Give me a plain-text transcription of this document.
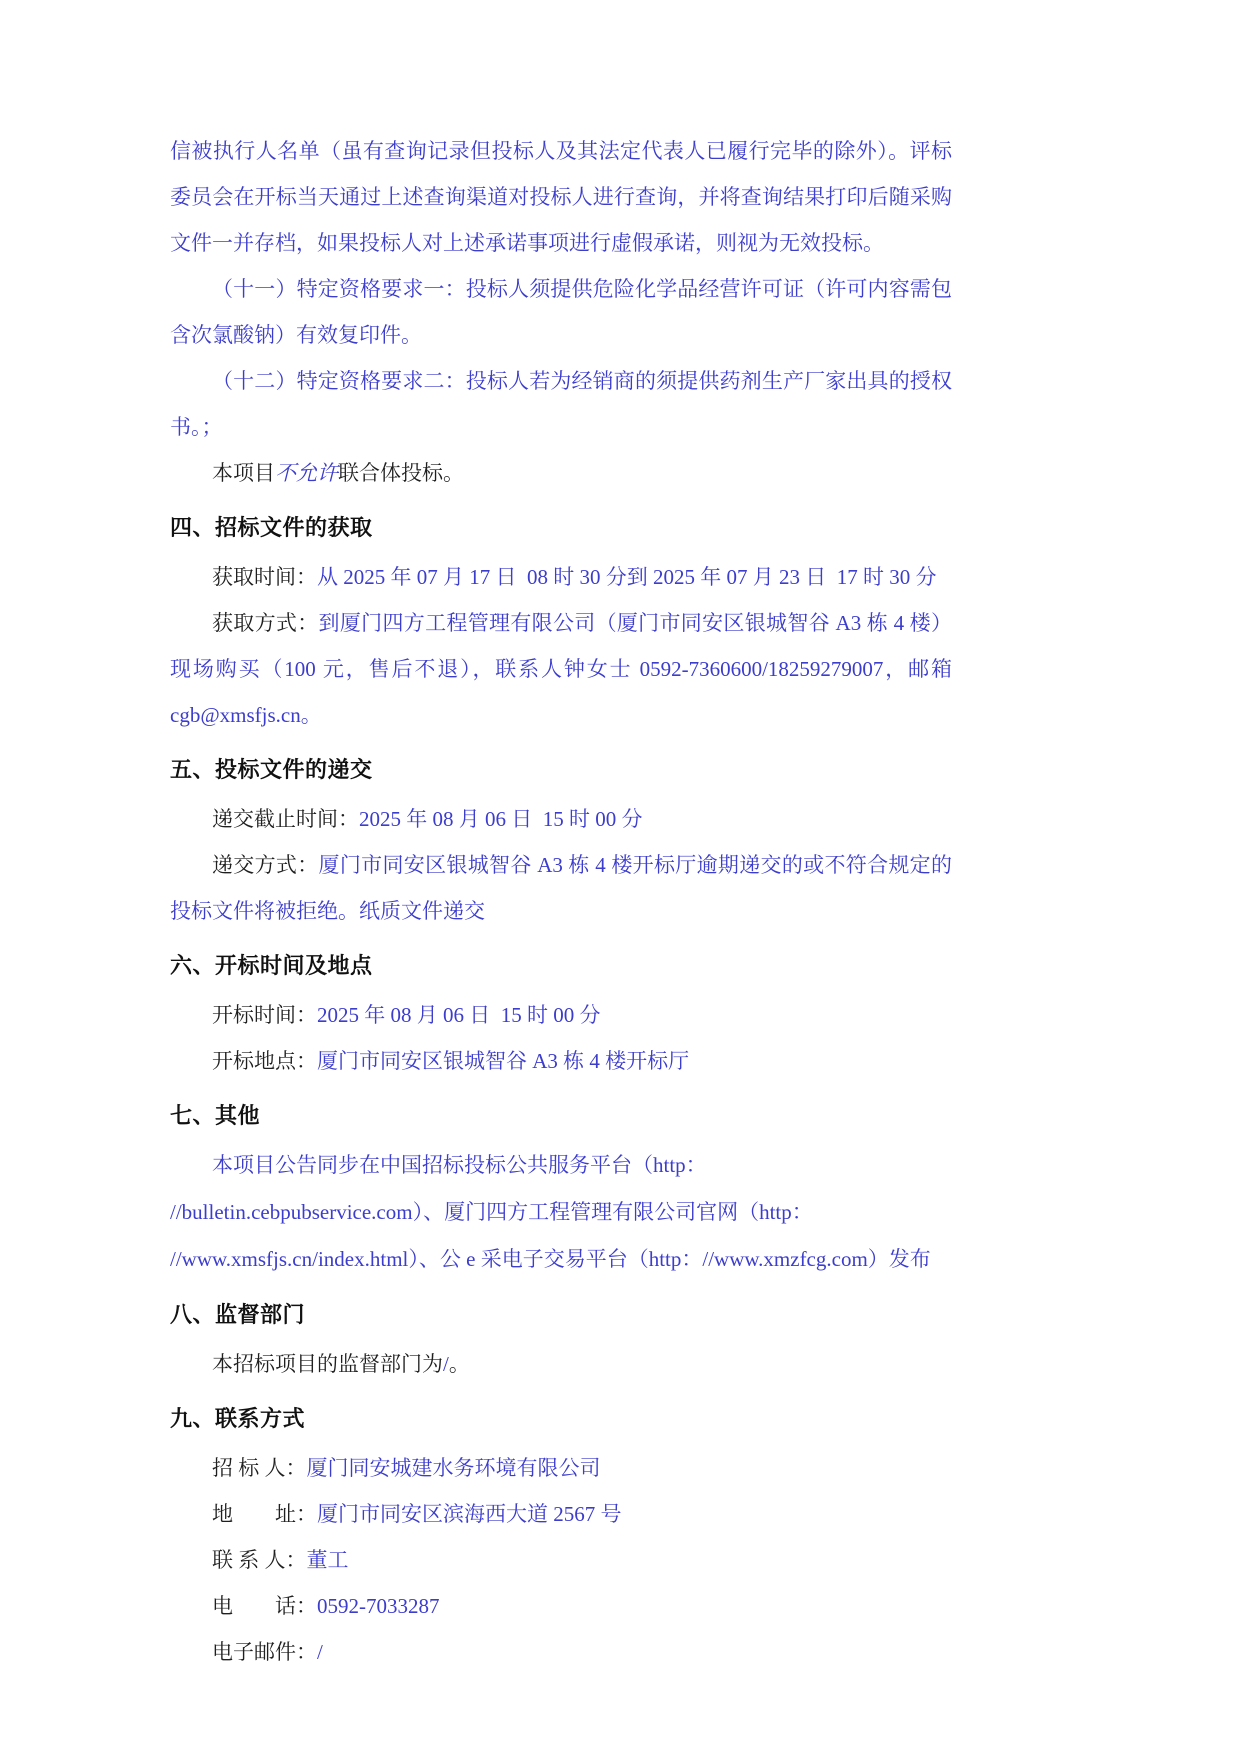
信被执行人名单（虽有查询记录但投标人及其法定代表人已履行完毕的除外）。评标委员会在开标当天通过上述查询渠道对投标人进行查询，并将查询结果打印后随采购文件一并存档，如果投标人对上述承诺事项进行虚假承诺，则视为无效投标。

（十一）特定资格要求一：投标人须提供危险化学品经营许可证（许可内容需包含次氯酸钠）有效复印件。

（十二）特定资格要求二：投标人若为经销商的须提供药剂生产厂家出具的授权书。；

本项目不允许联合体投标。

四、招标文件的获取

获取时间：从 2025 年 07 月 17 日  08 时 30 分到 2025 年 07 月 23 日  17 时 30 分

获取方式：到厦门四方工程管理有限公司（厦门市同安区银城智谷 A3 栋 4 楼）现场购买（100 元，售后不退），联系人钟女士 0592-7360600/18259279007，邮箱 cgb@xmsfjs.cn。

五、投标文件的递交

递交截止时间：2025 年 08 月 06 日  15 时 00 分

递交方式：厦门市同安区银城智谷 A3 栋 4 楼开标厅逾期递交的或不符合规定的投标文件将被拒绝。纸质文件递交

六、开标时间及地点

开标时间：2025 年 08 月 06 日  15 时 00 分

开标地点：厦门市同安区银城智谷 A3 栋 4 楼开标厅

七、其他

本项目公告同步在中国招标投标公共服务平台（http：

//bulletin.cebpubservice.com）、厦门四方工程管理有限公司官网（http：

//www.xmsfjs.cn/index.html）、公 e 采电子交易平台（http：//www.xmzfcg.com）发布

八、监督部门

本招标项目的监督部门为/。

九、联系方式

招 标 人：厦门同安城建水务环境有限公司

地　　址：厦门市同安区滨海西大道 2567 号

联 系 人：董工

电　　话：0592-7033287

电子邮件：/
